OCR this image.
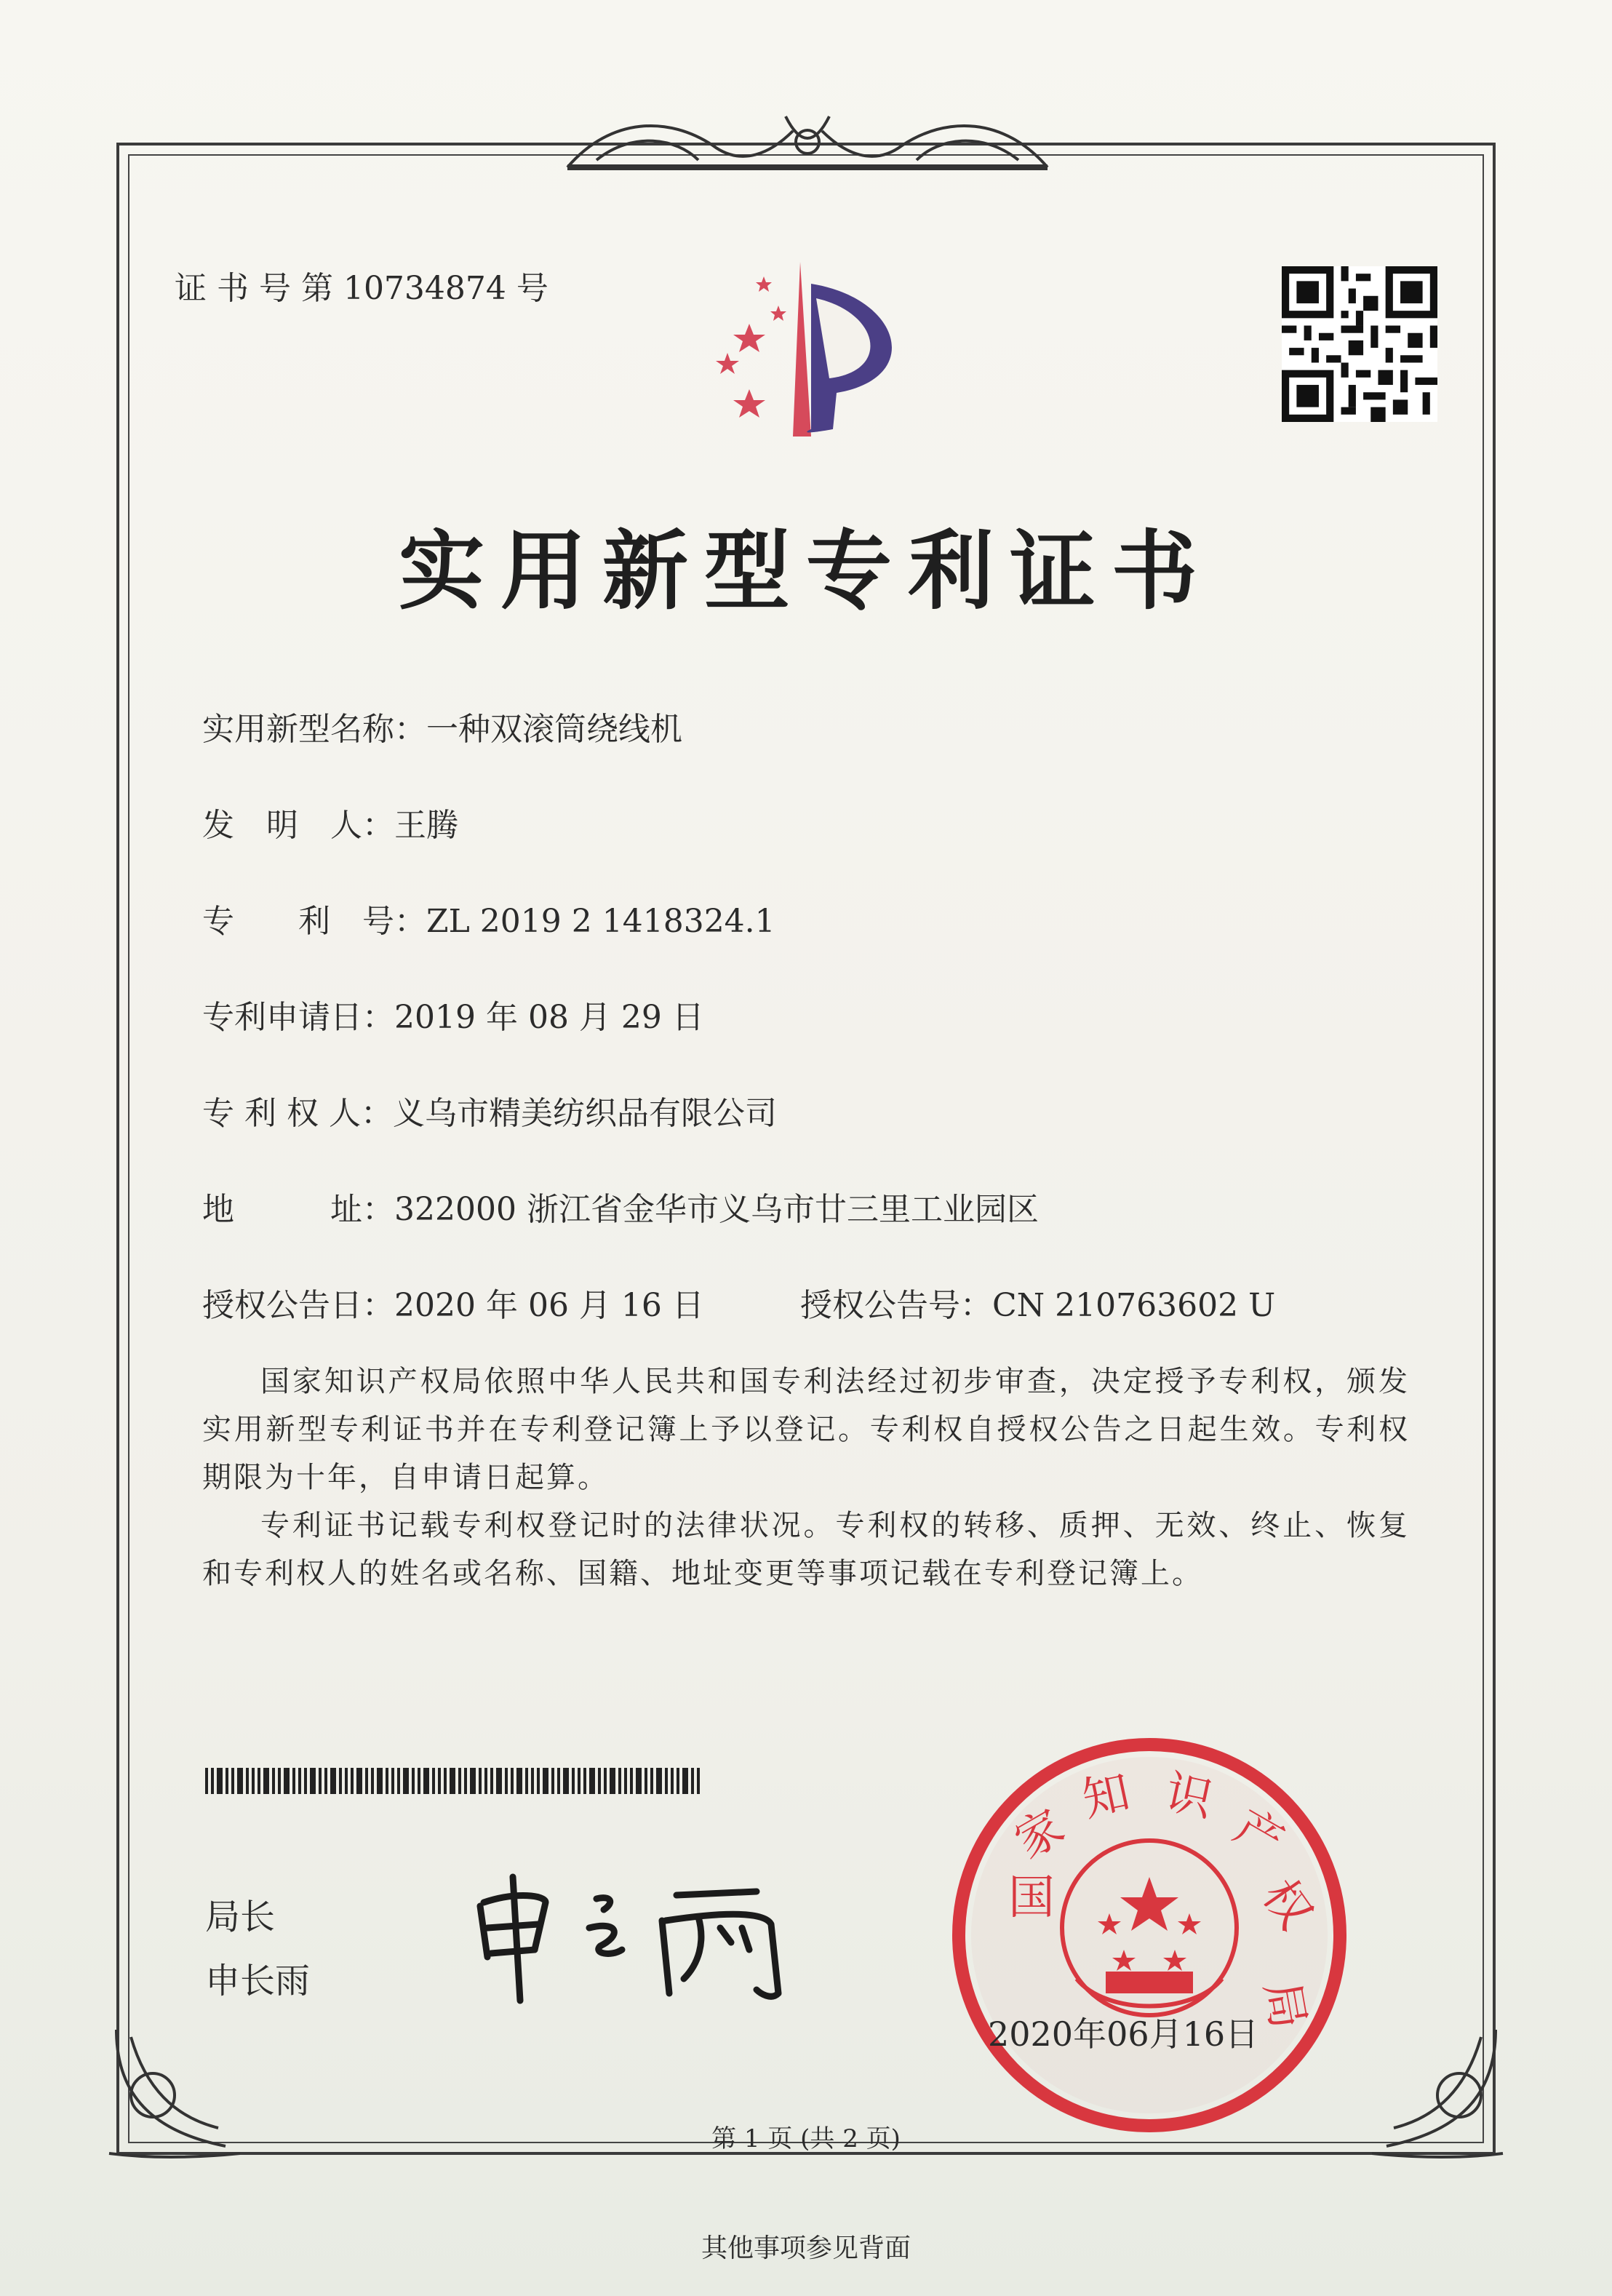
证 书 号 第 10734874 号
实用新型专利证书
实用新型名称：一种双滚筒绕线机
发　明　人：王腾
专　　利　号：ZL 2019 2 1418324.1
专利申请日：2019 年 08 月 29 日
专 利 权 人：义乌市精美纺织品有限公司
地　　　址：322000 浙江省金华市义乌市廿三里工业园区
授权公告日：2020 年 06 月 16 日	授权公告号：CN 210763602 U
国家知识产权局依照中华人民共和国专利法经过初步审查，决定授予专利权，颁发实用新型专利证书并在专利登记簿上予以登记。专利权自授权公告之日起生效。专利权期限为十年，自申请日起算。
专利证书记载专利权登记时的法律状况。专利权的转移、质押、无效、终止、恢复和专利权人的姓名或名称、国籍、地址变更等事项记载在专利登记簿上。
局长
申长雨
国
家
知 识
产
权
局
2020年06月16日
第 1 页 (共 2 页)
其他事项参见背面
